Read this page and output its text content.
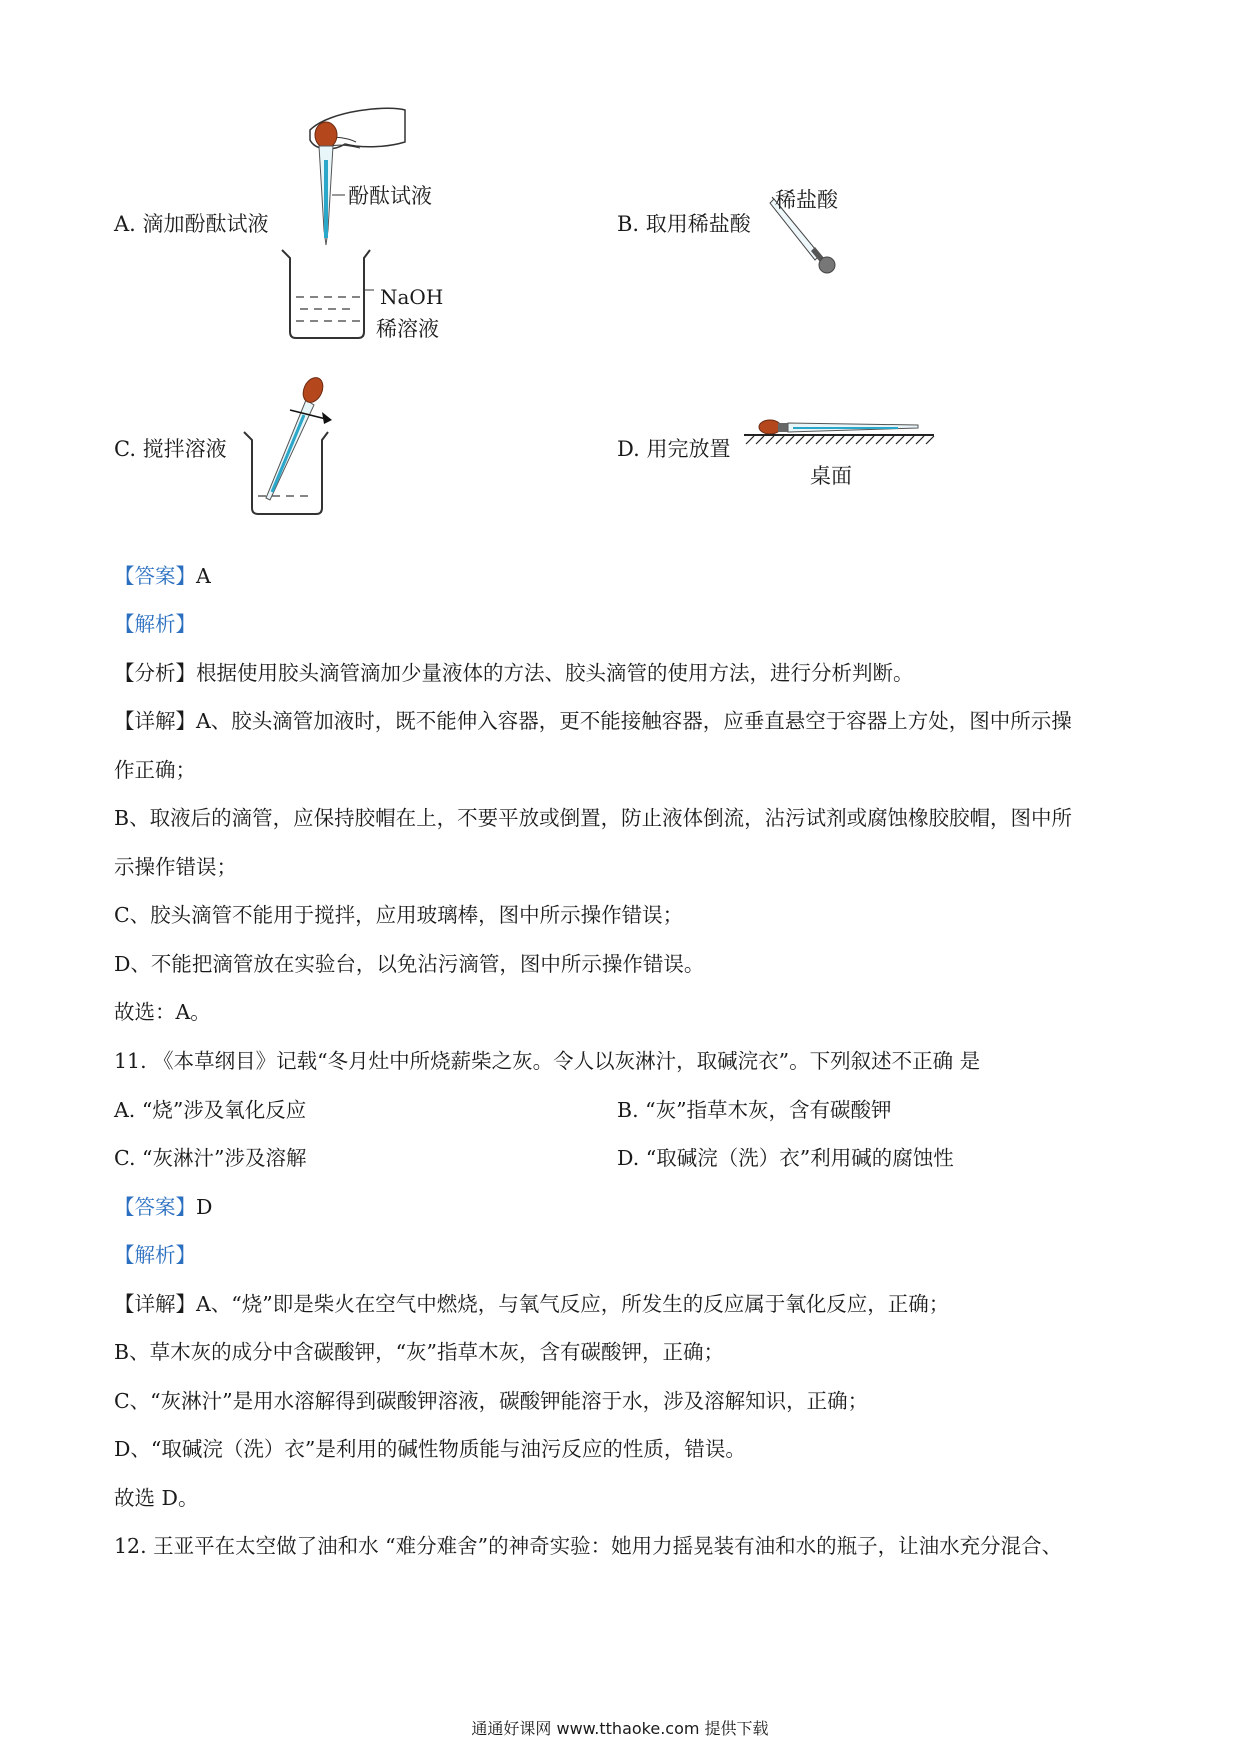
A. 滴加酚酞试液
酚酞试液
NaOH
稀溶液
B. 取用稀盐酸
稀盐酸
C. 搅拌溶液	D. 用完放置
桌面
【答案】A
【解析】
【分析】根据使用胶头滴管滴加少量液体的方法、胶头滴管的使用方法，进行分析判断。
【详解】A、胶头滴管加液时，既不能伸入容器，更不能接触容器，应垂直悬空于容器上方处，图中所示操
作正确；
B、取液后的滴管，应保持胶帽在上，不要平放或倒置，防止液体倒流，沾污试剂或腐蚀橡胶胶帽，图中所
示操作错误；
C、胶头滴管不能用于搅拌，应用玻璃棒，图中所示操作错误；
D、不能把滴管放在实验台，以免沾污滴管，图中所示操作错误。
故选：A。
11. 《本草纲目》记载“冬月灶中所烧薪柴之灰。令人以灰淋汁，取碱浣衣”。下列叙述不正确 是
A. “烧”涉及氧化反应	B. “灰”指草木灰，含有碳酸钾
C. “灰淋汁”涉及溶解	D. “取碱浣（洗）衣”利用碱的腐蚀性
【答案】D
【解析】
【详解】A、“烧”即是柴火在空气中燃烧，与氧气反应，所发生的反应属于氧化反应，正确；
B、草木灰的成分中含碳酸钾，“灰”指草木灰，含有碳酸钾，正确；
C、“灰淋汁”是用水溶解得到碳酸钾溶液，碳酸钾能溶于水，涉及溶解知识，正确；
D、“取碱浣（洗）衣”是利用的碱性物质能与油污反应的性质，错误。
故选 D。
12. 王亚平在太空做了油和水 “难分难舍”的神奇实验：她用力摇晃装有油和水的瓶子，让油水充分混合、
通通好课网 www.tthaoke.com 提供下载
